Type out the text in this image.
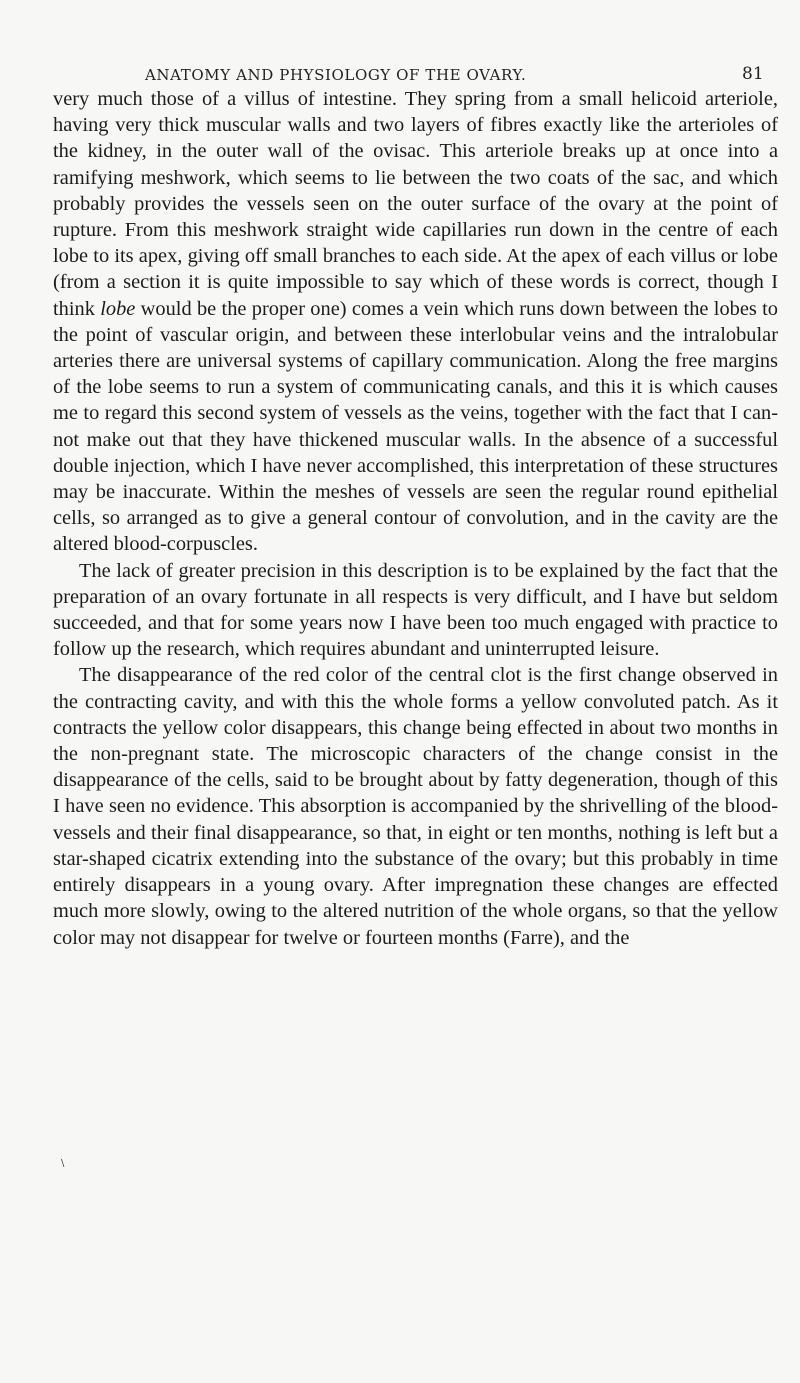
ANATOMY AND PHYSIOLOGY OF THE OVARY.	81

very much those of a villus of intestine. They spring from a small helicoid arteriole, having very thick muscular walls and two layers of fibres exactly like the arterioles of the kidney, in the outer wall of the ovisac. This arteriole breaks up at once into a ramifying meshwork, which seems to lie between the two coats of the sac, and which probably provides the vessels seen on the outer surface of the ovary at the point of rupture. From this meshwork straight wide capillaries run down in the centre of each lobe to its apex, giving off small branches to each side. At the apex of each villus or lobe (from a section it is quite impossible to say which of these words is correct, though I think lobe would be the proper one) comes a vein which runs down between the lobes to the point of vascular origin, and between these interlobular veins and the intralobular arteries there are universal systems of capillary communication. Along the free margins of the lobe seems to run a system of communicating canals, and this it is which causes me to regard this second system of vessels as the veins, together with the fact that I cannot make out that they have thickened muscular walls. In the absence of a successful double injection, which I have never accomplished, this interpretation of these structures may be inaccurate. Within the meshes of vessels are seen the regular round epithelial cells, so arranged as to give a general contour of convolution, and in the cavity are the altered blood-corpuscles.

The lack of greater precision in this description is to be explained by the fact that the preparation of an ovary fortunate in all respects is very difficult, and I have but seldom succeeded, and that for some years now I have been too much engaged with practice to follow up the research, which requires abundant and uninterrupted leisure.

The disappearance of the red color of the central clot is the first change observed in the contracting cavity, and with this the whole forms a yellow convoluted patch. As it contracts the yellow color disappears, this change being effected in about two months in the non-pregnant state. The microscopic characters of the change consist in the disappearance of the cells, said to be brought about by fatty degeneration, though of this I have seen no evidence. This absorption is accompanied by the shrivelling of the blood-vessels and their final disappearance, so that, in eight or ten months, nothing is left but a star-shaped cicatrix extending into the substance of the ovary; but this probably in time entirely disappears in a young ovary. After impregnation these changes are effected much more slowly, owing to the altered nutrition of the whole organs, so that the yellow color may not disappear for twelve or fourteen months (Farre), and the

\
